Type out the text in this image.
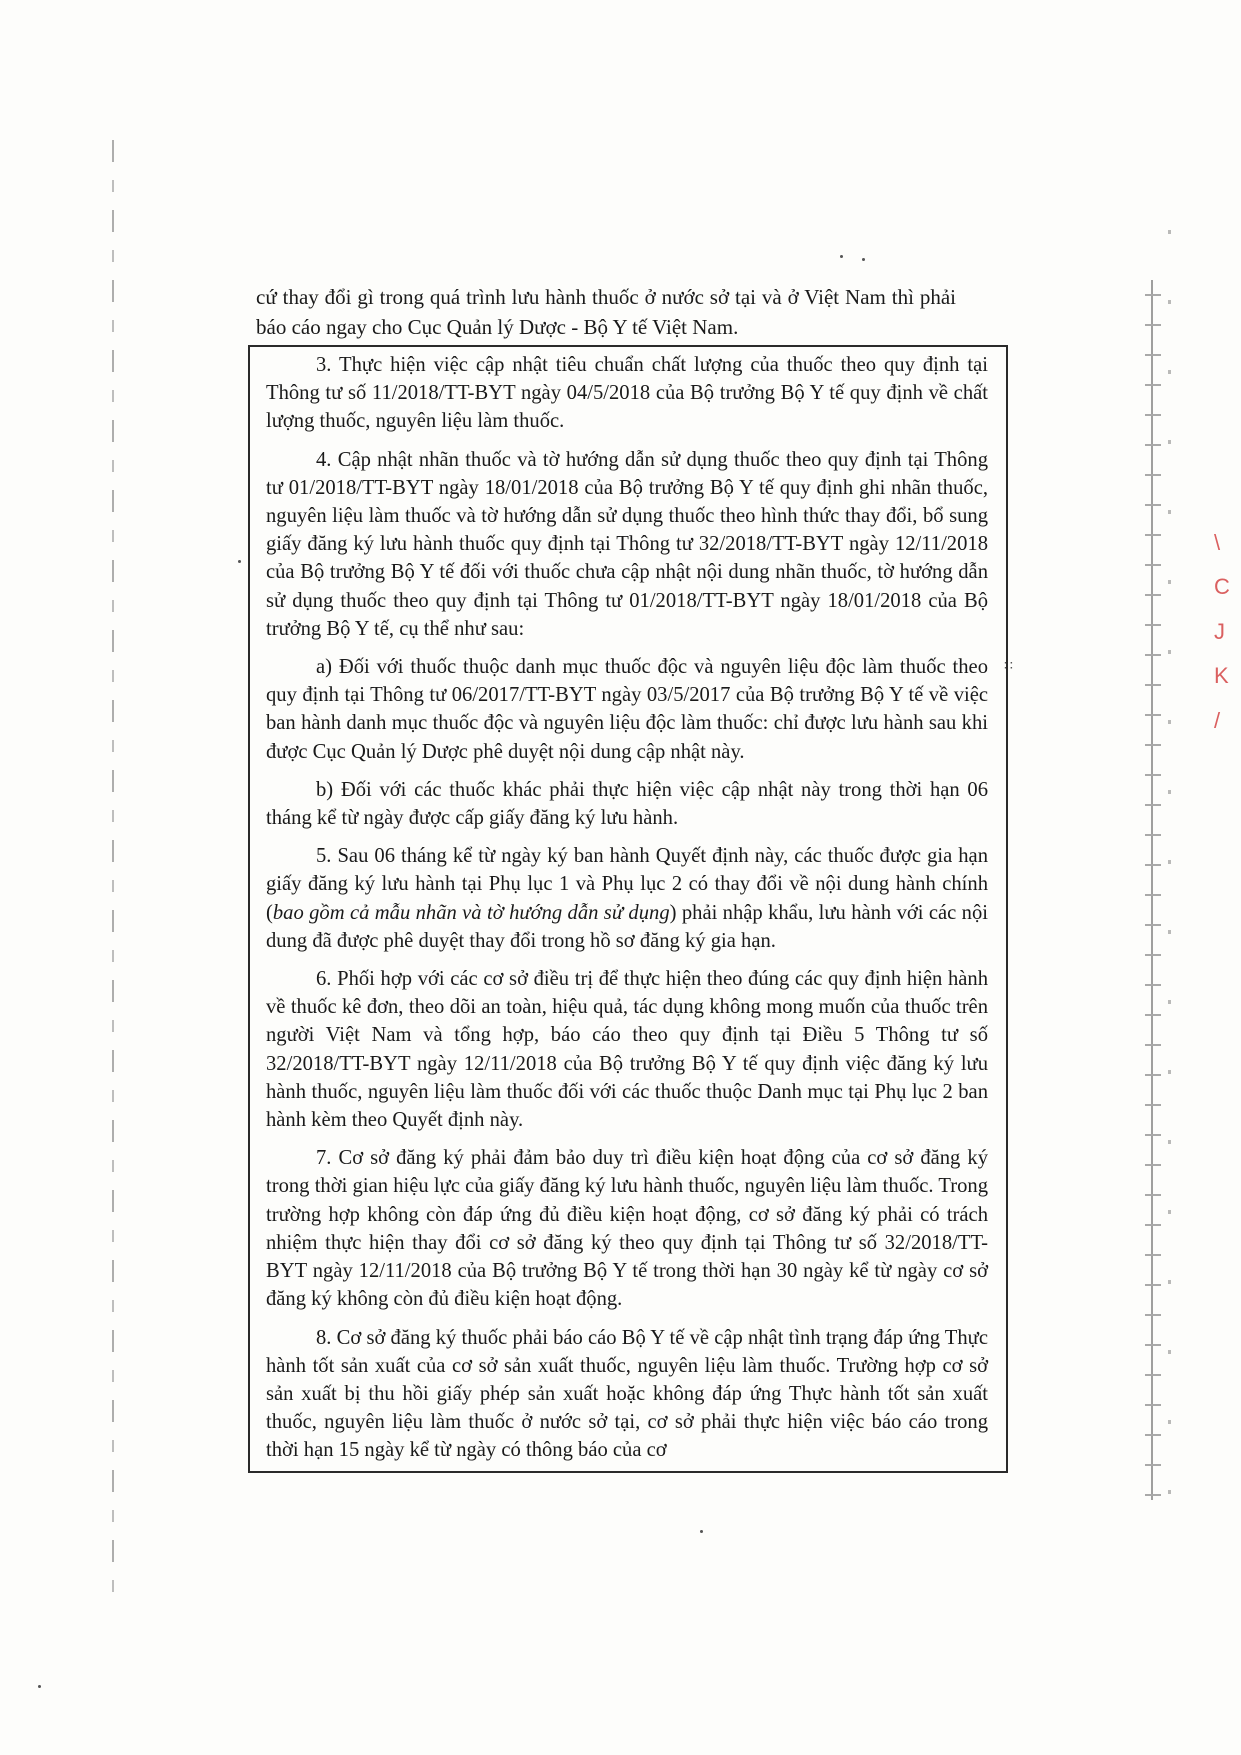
∷
\
C
J
K
/

cứ thay đổi gì trong quá trình lưu hành thuốc ở nước sở tại và ở Việt Nam thì phải báo cáo ngay cho Cục Quản lý Dược - Bộ Y tế Việt Nam.

3. Thực hiện việc cập nhật tiêu chuẩn chất lượng của thuốc theo quy định tại Thông tư số 11/2018/TT-BYT ngày 04/5/2018 của Bộ trưởng Bộ Y tế quy định về chất lượng thuốc, nguyên liệu làm thuốc.

4. Cập nhật nhãn thuốc và tờ hướng dẫn sử dụng thuốc theo quy định tại Thông tư 01/2018/TT-BYT ngày 18/01/2018 của Bộ trưởng Bộ Y tế quy định ghi nhãn thuốc, nguyên liệu làm thuốc và tờ hướng dẫn sử dụng thuốc theo hình thức thay đổi, bổ sung giấy đăng ký lưu hành thuốc quy định tại Thông tư 32/2018/TT-BYT ngày 12/11/2018 của Bộ trưởng Bộ Y tế đối với thuốc chưa cập nhật nội dung nhãn thuốc, tờ hướng dẫn sử dụng thuốc theo quy định tại Thông tư 01/2018/TT-BYT ngày 18/01/2018 của Bộ trưởng Bộ Y tế, cụ thể như sau:

a) Đối với thuốc thuộc danh mục thuốc độc và nguyên liệu độc làm thuốc theo quy định tại Thông tư 06/2017/TT-BYT ngày 03/5/2017 của Bộ trưởng Bộ Y tế về việc ban hành danh mục thuốc độc và nguyên liệu độc làm thuốc: chỉ được lưu hành sau khi được Cục Quản lý Dược phê duyệt nội dung cập nhật này.

b) Đối với các thuốc khác phải thực hiện việc cập nhật này trong thời hạn 06 tháng kể từ ngày được cấp giấy đăng ký lưu hành.

5. Sau 06 tháng kể từ ngày ký ban hành Quyết định này, các thuốc được gia hạn giấy đăng ký lưu hành tại Phụ lục 1 và Phụ lục 2 có thay đổi về nội dung hành chính (bao gồm cả mẫu nhãn và tờ hướng dẫn sử dụng) phải nhập khẩu, lưu hành với các nội dung đã được phê duyệt thay đổi trong hồ sơ đăng ký gia hạn.

6. Phối hợp với các cơ sở điều trị để thực hiện theo đúng các quy định hiện hành về thuốc kê đơn, theo dõi an toàn, hiệu quả, tác dụng không mong muốn của thuốc trên người Việt Nam và tổng hợp, báo cáo theo quy định tại Điều 5 Thông tư số 32/2018/TT-BYT ngày 12/11/2018 của Bộ trưởng Bộ Y tế quy định việc đăng ký lưu hành thuốc, nguyên liệu làm thuốc đối với các thuốc thuộc Danh mục tại Phụ lục 2 ban hành kèm theo Quyết định này.

7. Cơ sở đăng ký phải đảm bảo duy trì điều kiện hoạt động của cơ sở đăng ký trong thời gian hiệu lực của giấy đăng ký lưu hành thuốc, nguyên liệu làm thuốc. Trong trường hợp không còn đáp ứng đủ điều kiện hoạt động, cơ sở đăng ký phải có trách nhiệm thực hiện thay đổi cơ sở đăng ký theo quy định tại Thông tư số 32/2018/TT-BYT ngày 12/11/2018 của Bộ trưởng Bộ Y tế trong thời hạn 30 ngày kể từ ngày cơ sở đăng ký không còn đủ điều kiện hoạt động.

8. Cơ sở đăng ký thuốc phải báo cáo Bộ Y tế về cập nhật tình trạng đáp ứng Thực hành tốt sản xuất của cơ sở sản xuất thuốc, nguyên liệu làm thuốc. Trường hợp cơ sở sản xuất bị thu hồi giấy phép sản xuất hoặc không đáp ứng Thực hành tốt sản xuất thuốc, nguyên liệu làm thuốc ở nước sở tại, cơ sở phải thực hiện việc báo cáo trong thời hạn 15 ngày kể từ ngày có thông báo của cơ
